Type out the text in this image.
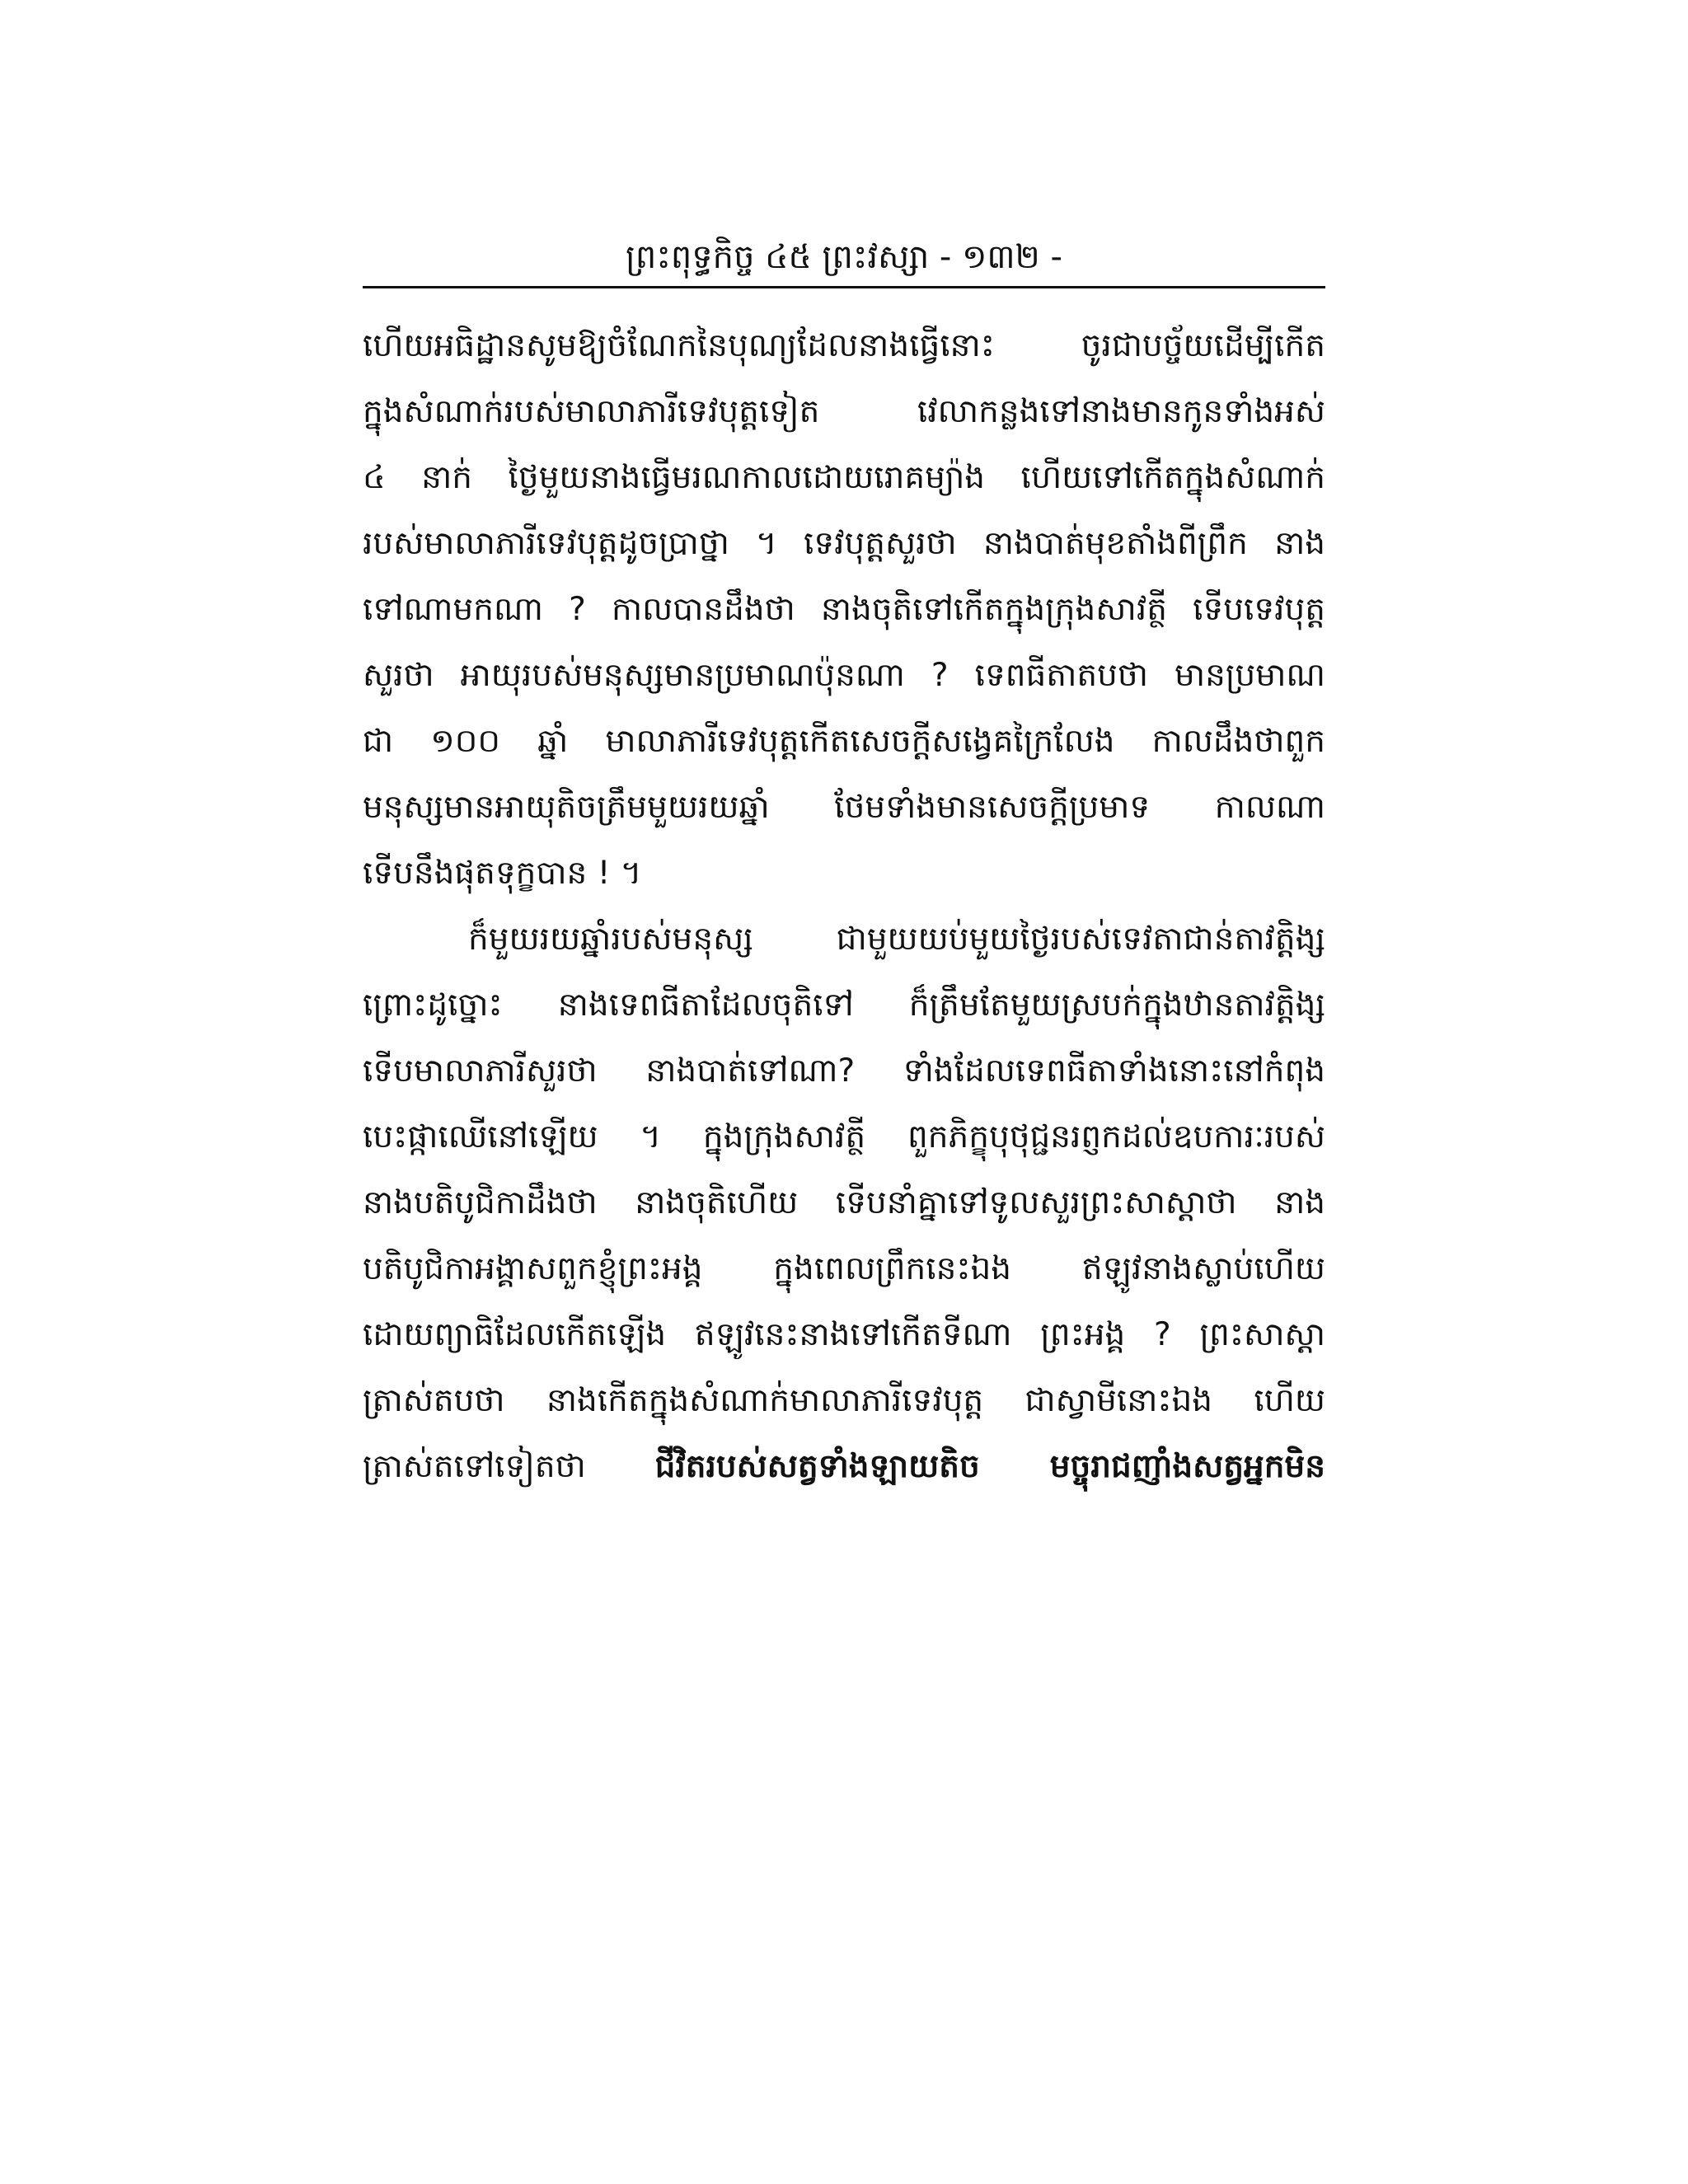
ព្រះពុទ្ធកិច្ច ៤៥ ព្រះវស្សា - ១៣២ -
ហើយអធិដ្ឋានសូមឱ្យចំណែកនៃបុណ្យដែលនាងធ្វើនោះ ចូរជាបច្ច័យដើម្បីកើត
ក្នុងសំណាក់របស់មាលាភារីទេវបុត្តទៀត វេលាកន្លងទៅនាងមានកូនទាំងអស់
៤ នាក់ ថ្ងៃមួយនាងធ្វើមរណកាលដោយរោគម្យ៉ាង ហើយទៅកើតក្នុងសំណាក់
របស់មាលាភារីទេវបុត្តដូចប្រាថ្នា ។ ទេវបុត្តសួរថា នាងបាត់មុខតាំងពីព្រឹក នាង
ទៅណាមកណា ? កាលបានដឹងថា នាងចុតិទៅកើតក្នុងក្រុងសាវត្ថី ទើបទេវបុត្ត
សួរថា អាយុរបស់មនុស្សមានប្រមាណប៉ុនណា ? ទេពធីតាតបថា មានប្រមាណ
ជា ១០០ ឆ្នាំ មាលាភារីទេវបុត្តកើតសេចក្តីសង្វេគក្រៃលែង កាលដឹងថាពួក
មនុស្សមានអាយុតិចត្រឹមមួយរយឆ្នាំ ថែមទាំងមានសេចក្តីប្រមាទ កាលណា
ទើបនឹងផុតទុក្ខបាន ! ។
ក៏មួយរយឆ្នាំរបស់មនុស្ស ជាមួយយប់មួយថ្ងៃរបស់ទេវតាជាន់តាវត្តិង្ស
ព្រោះដូច្នោះ នាងទេពធីតាដែលចុតិទៅ ក៏ត្រឹមតែមួយស្របក់ក្នុងឋានតាវត្តិង្ស
ទើបមាលាភារីសួរថា នាងបាត់ទៅណា? ទាំងដែលទេពធីតាទាំងនោះនៅកំពុង
បេះផ្កាឈើនៅឡើយ ។ ក្នុងក្រុងសាវត្ថី ពួកភិក្ខុបុថុជ្ជនរព្ញកដល់ឧបការៈរបស់
នាងបតិបូជិកាដឹងថា នាងចុតិហើយ ទើបនាំគ្នាទៅទូលសួរព្រះសាស្តាថា នាង
បតិបូជិកាអង្គាសពួកខ្ញុំព្រះអង្គ ក្នុងពេលព្រឹកនេះឯង ឥឡូវនាងស្លាប់ហើយ
ដោយព្យាធិដែលកើតឡើង ឥឡូវនេះនាងទៅកើតទីណា ព្រះអង្គ ? ព្រះសាស្តា
ត្រាស់តបថា នាងកើតក្នុងសំណាក់មាលាភារីទេវបុត្ត ជាស្វាមីនោះឯង ហើយ
ត្រាស់តទៅទៀតថា ជីវិតរបស់សត្វទាំងឡាយតិច មច្ចុរាជញាំងសត្វអ្នកមិន
